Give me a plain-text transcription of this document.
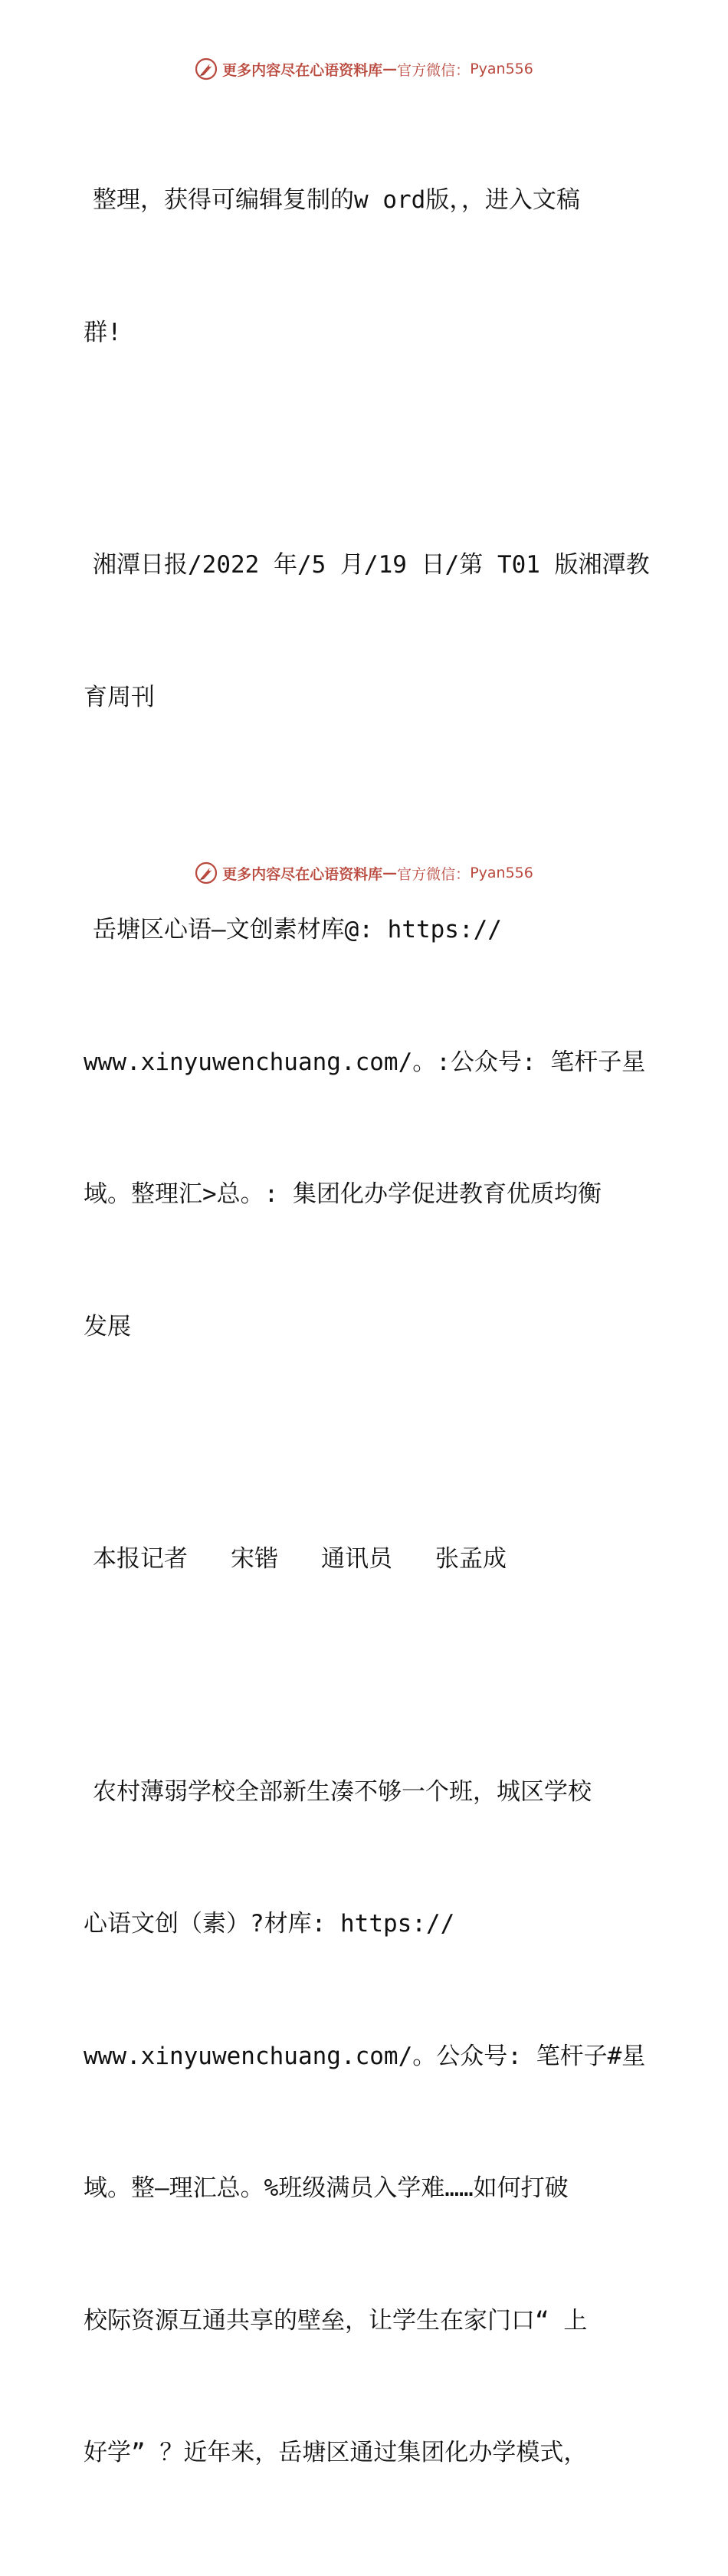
更多内容尽在心语资料库 — 官方微信： Pyan556

整理，获得可编辑复制的w ord版，，进入文稿

群!

湘潭日报/2022 年/5 月/19 日/第 T01 版湘潭教

育周刊

岳塘区心语—文创素材库@: https://

www.xinyuwenchuang.com/。:公众号: 笔杆子星

域。整理汇>总。: 集团化办学促进教育优质均衡

发展

本报记者   宋锴   通讯员   张孟成

农村薄弱学校全部新生凑不够一个班，城区学校

心语文创（素）?材库: https://

www.xinyuwenchuang.com/。公众号: 笔杆子#星

域。整—理汇总。%班级满员入学难……如何打破

校际资源互通共享的壁垒，让学生在家门口“ 上

好学” ？近年来，岳塘区通过集团化办学模式，

更多内容尽在心语资料库 — 官方微信： Pyan556
